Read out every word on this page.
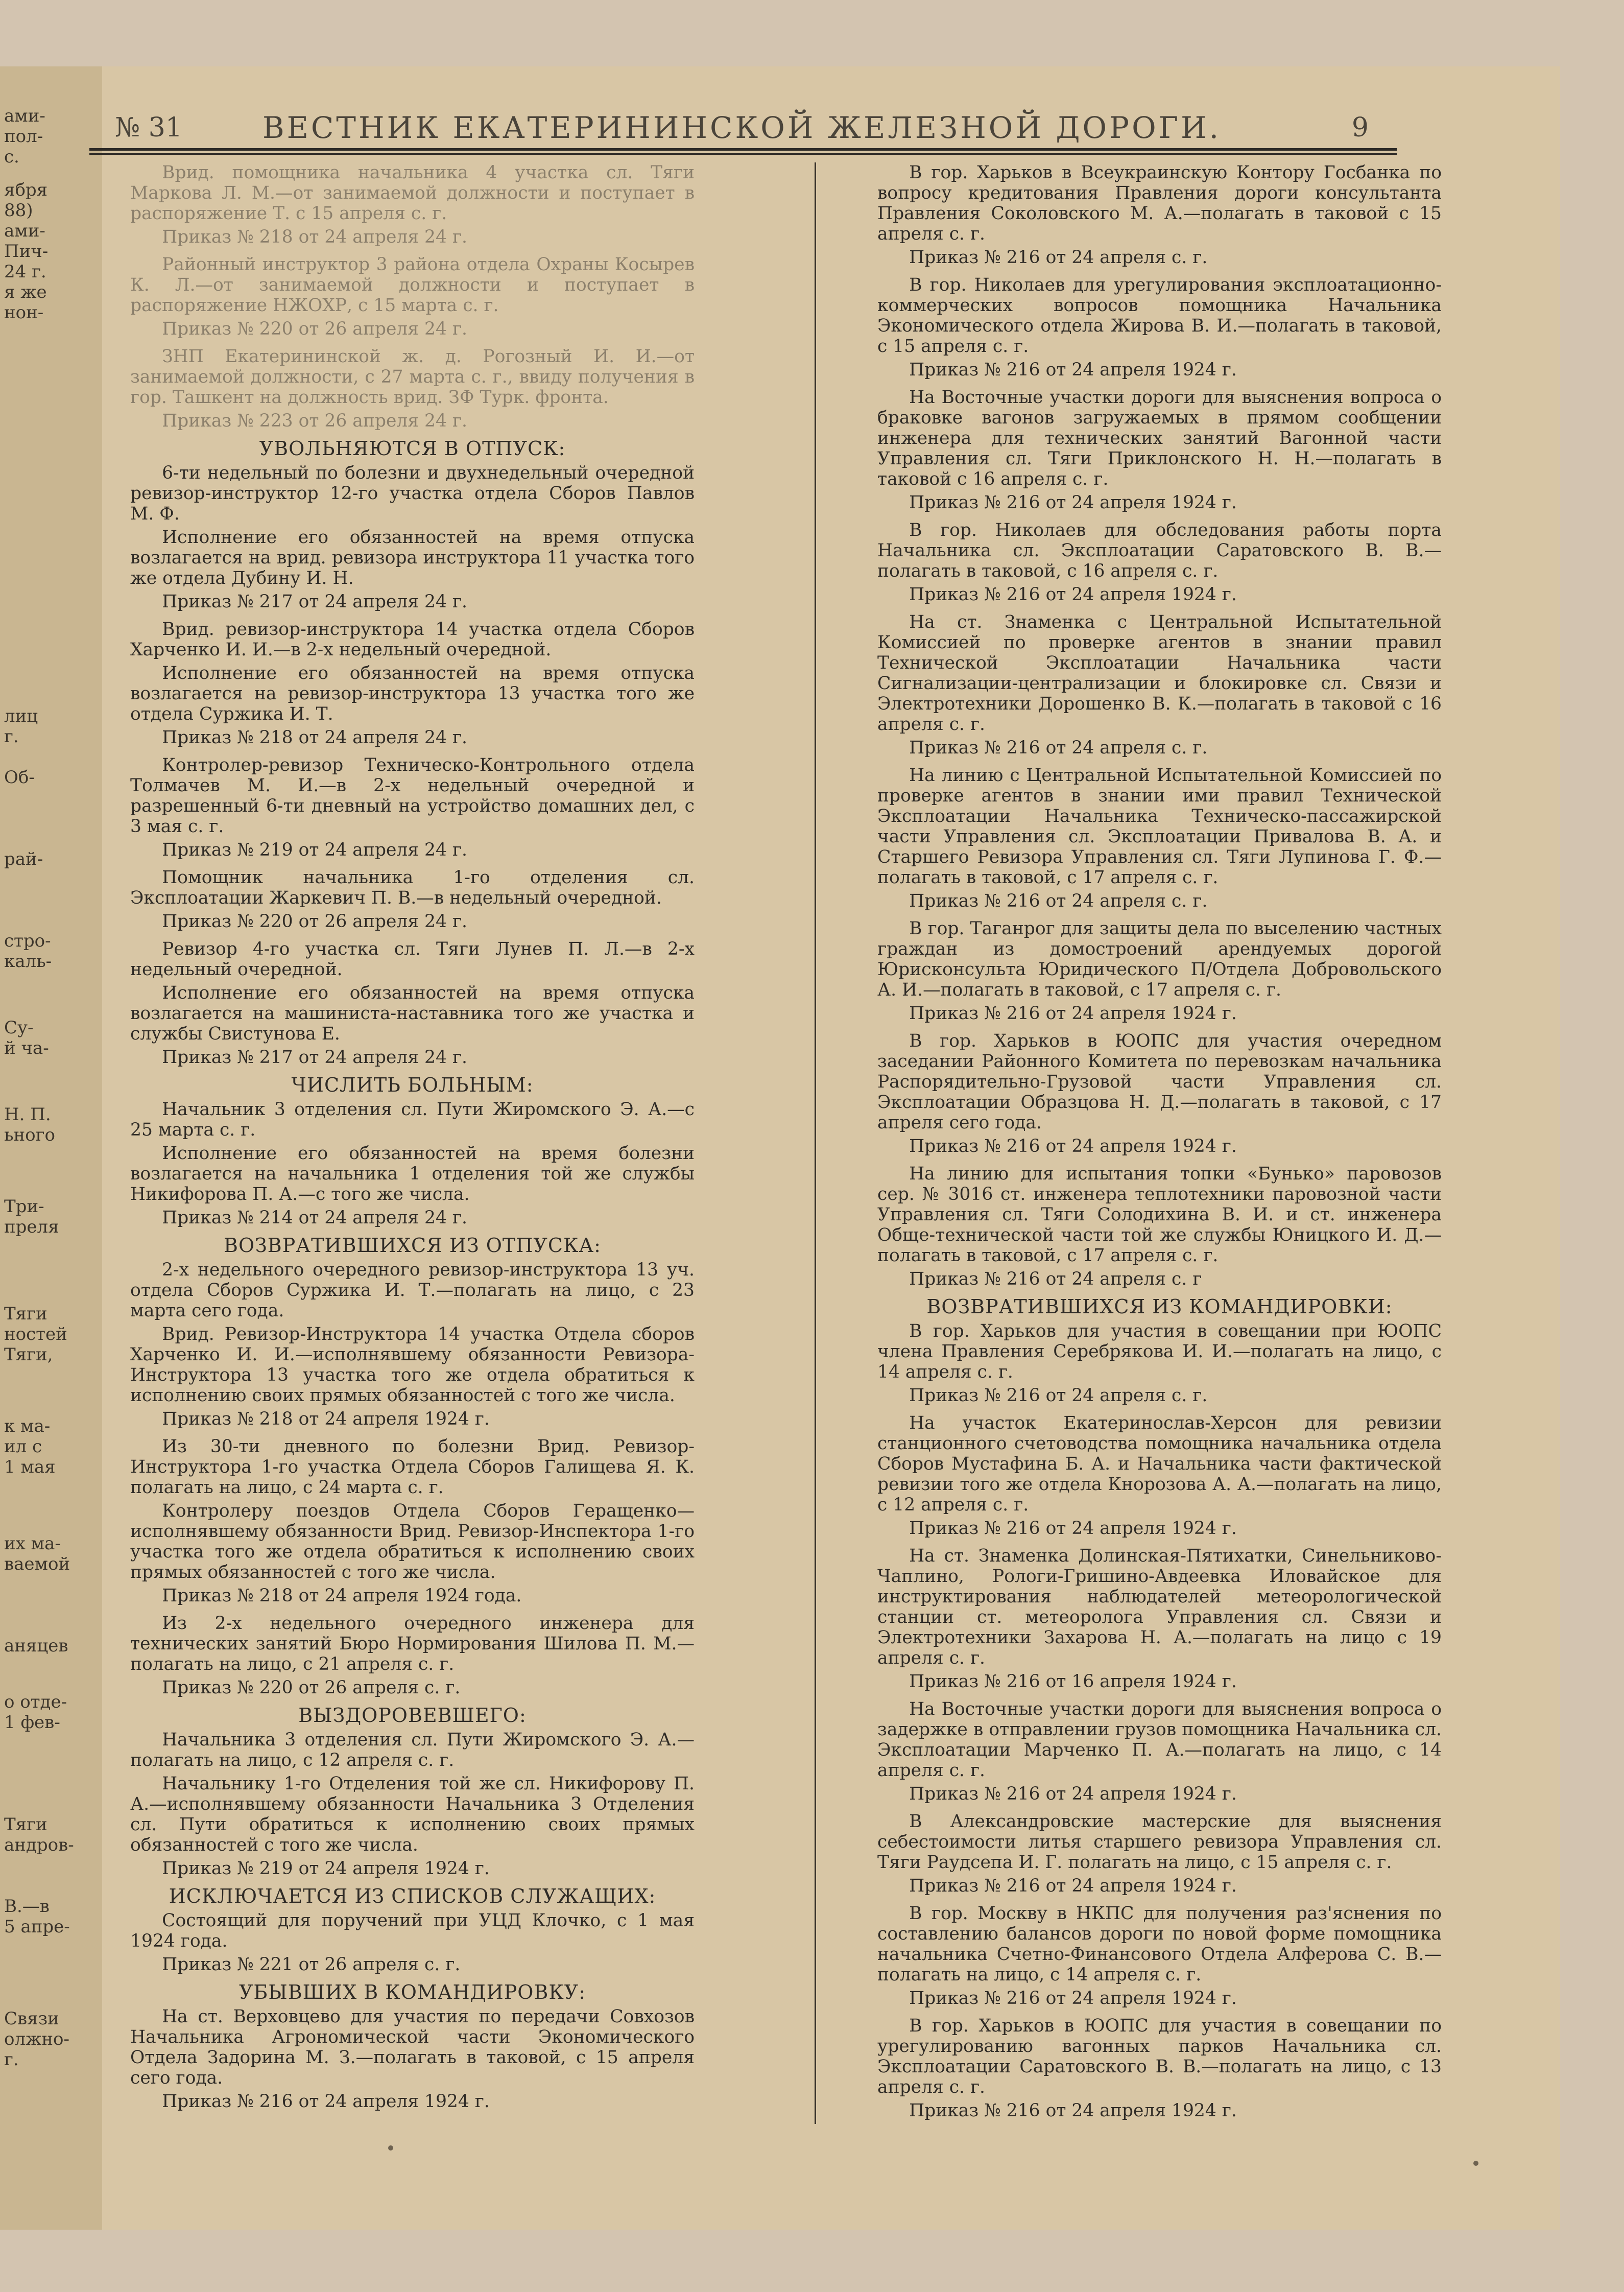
ами-
пол-
с.
ября
88)
ами-
Пич-
24 г.
я же
нон-
лиц
г.
Об-
рай-
стро-
каль-
Су-
й ча-
Н. П.
ьного
Три-
преля
Тяги
ностей
Тяги,
к ма-
ил с
1 мая
их ма-
ваемой
аняцев
о отде-
1 фев-
Тяги
андров-
В.—в
5 апре-
Связи
олжно-
г.
№ 31	ВЕСТНИК ЕКАТЕРИНИНСКОЙ ЖЕЛЕЗНОЙ ДОРОГИ.	9
Врид. помощника начальника 4 участка сл. Тяги Маркова Л. М.—от занимаемой должности и поступает в распоряжение Т. с 15 апреля с. г.
Приказ № 218 от 24 апреля 24 г.
Районный инструктор 3 района отдела Охраны Косырев К. Л.—от занимаемой должности и поступает в распоряжение НЖОХР, с 15 марта с. г.
Приказ № 220 от 26 апреля 24 г.
ЗНП Екатерининской ж. д. Рогозный И. И.—от занимаемой должности, с 27 марта с. г., ввиду получения в гор. Ташкент на должность врид. ЗФ Турк. фронта.
Приказ № 223 от 26 апреля 24 г.
УВОЛЬНЯЮТСЯ В ОТПУСК:
6-ти недельный по болезни и двухнедельный очередной ревизор-инструктор 12-го участка отдела Сборов Павлов М. Ф.
Исполнение его обязанностей на время отпуска возлагается на врид. ревизора инструктора 11 участка того же отдела Дубину И. Н.
Приказ № 217 от 24 апреля 24 г.
Врид. ревизор-инструктора 14 участка отдела Сборов Харченко И. И.—в 2-х недельный очередной.
Исполнение его обязанностей на время отпуска возлагается на ревизор-инструктора 13 участка того же отдела Суржика И. Т.
Приказ № 218 от 24 апреля 24 г.
Контролер-ревизор Техническо-Контрольного отдела Толмачев М. И.—в 2-х недельный очередной и разрешенный 6-ти дневный на устройство домашних дел, с 3 мая с. г.
Приказ № 219 от 24 апреля 24 г.
Помощник начальника 1-го отделения сл. Эксплоатации Жаркевич П. В.—в недельный очередной.
Приказ № 220 от 26 апреля 24 г.
Ревизор 4-го участка сл. Тяги Лунев П. Л.—в 2-х недельный очередной.
Исполнение его обязанностей на время отпуска возлагается на машиниста-наставника того же участка и службы Свистунова Е.
Приказ № 217 от 24 апреля 24 г.
ЧИСЛИТЬ БОЛЬНЫМ:
Начальник 3 отделения сл. Пути Жиромского Э. А.—с 25 марта с. г.
Исполнение его обязанностей на время болезни возлагается на начальника 1 отделения той же службы Никифорова П. А.—с того же числа.
Приказ № 214 от 24 апреля 24 г.
ВОЗВРАТИВШИХСЯ ИЗ ОТПУСКА:
2-х недельного очередного ревизор-инструктора 13 уч. отдела Сборов Суржика И. Т.—полагать на лицо, с 23 марта сего года.
Врид. Ревизор-Инструктора 14 участка Отдела сборов Харченко И. И.—исполнявшему обязанности Ревизора-Инструктора 13 участка того же отдела обратиться к исполнению своих прямых обязанностей с того же числа.
Приказ № 218 от 24 апреля 1924 г.
Из 30-ти дневного по болезни Врид. Ревизор-Инструктора 1-го участка Отдела Сборов Галищева Я. К. полагать на лицо, с 24 марта с. г.
Контролеру поездов Отдела Сборов Геращенко—исполнявшему обязанности Врид. Ревизор-Инспектора 1-го участка того же отдела обратиться к исполнению своих прямых обязанностей с того же числа.
Приказ № 218 от 24 апреля 1924 года.
Из 2-х недельного очередного инженера для технических занятий Бюро Нормирования Шилова П. М.—полагать на лицо, с 21 апреля с. г.
Приказ № 220 от 26 апреля с. г.
ВЫЗДОРОВЕВШЕГО:
Начальника 3 отделения сл. Пути Жиромского Э. А.—полагать на лицо, с 12 апреля с. г.
Начальнику 1-го Отделения той же сл. Никифорову П. А.—исполнявшему обязанности Начальника 3 Отделения сл. Пути обратиться к исполнению своих прямых обязанностей с того же числа.
Приказ № 219 от 24 апреля 1924 г.
ИСКЛЮЧАЕТСЯ ИЗ СПИСКОВ СЛУЖАЩИХ:
Состоящий для поручений при УЦД Клочко, с 1 мая 1924 года.
Приказ № 221 от 26 апреля с. г.
УБЫВШИХ В КОМАНДИРОВКУ:
На ст. Верховцево для участия по передачи Совхозов Начальника Агрономической части Экономического Отдела Задорина М. З.—полагать в таковой, с 15 апреля сего года.
Приказ № 216 от 24 апреля 1924 г.
В гор. Харьков в Всеукраинскую Контору Госбанка по вопросу кредитования Правления дороги консультанта Правления Соколовского М. А.—полагать в таковой с 15 апреля с. г.
Приказ № 216 от 24 апреля с. г.
В гор. Николаев для урегулирования эксплоатационно-коммерческих вопросов помощника Начальника Экономического отдела Жирова В. И.—полагать в таковой, с 15 апреля с. г.
Приказ № 216 от 24 апреля 1924 г.
На Восточные участки дороги для выяснения вопроса о браковке вагонов загружаемых в прямом сообщении инженера для технических занятий Вагонной части Управления сл. Тяги Приклонского Н. Н.—полагать в таковой с 16 апреля с. г.
Приказ № 216 от 24 апреля 1924 г.
В гор. Николаев для обследования работы порта Начальника сл. Эксплоатации Саратовского В. В.—полагать в таковой, с 16 апреля с. г.
Приказ № 216 от 24 апреля 1924 г.
На ст. Знаменка с Центральной Испытательной Комиссией по проверке агентов в знании правил Технической Эксплоатации Начальника части Сигнализации-централизации и блокировке сл. Связи и Электротехники Дорошенко В. К.—полагать в таковой с 16 апреля с. г.
Приказ № 216 от 24 апреля с. г.
На линию с Центральной Испытательной Комиссией по проверке агентов в знании ими правил Технической Эксплоатации Начальника Техническо-пассажирской части Управления сл. Эксплоатации Привалова В. А. и Старшего Ревизора Управления сл. Тяги Лупинова Г. Ф.—полагать в таковой, с 17 апреля с. г.
Приказ № 216 от 24 апреля с. г.
В гор. Таганрог для защиты дела по выселению частных граждан из домостроений арендуемых дорогой Юрисконсульта Юридического П/Отдела Добровольского А. И.—полагать в таковой, с 17 апреля с. г.
Приказ № 216 от 24 апреля 1924 г.
В гор. Харьков в ЮОПС для участия очередном заседании Районного Комитета по перевозкам начальника Распорядительно-Грузовой части Управления сл. Эксплоатации Образцова Н. Д.—полагать в таковой, с 17 апреля сего года.
Приказ № 216 от 24 апреля 1924 г.
На линию для испытания топки «Бунько» паровозов сер. № 3016 ст. инженера теплотехники паровозной части Управления сл. Тяги Солодихина В. И. и ст. инженера Обще-технической части той же службы Юницкого И. Д.—полагать в таковой, с 17 апреля с. г.
Приказ № 216 от 24 апреля с. г
ВОЗВРАТИВШИХСЯ ИЗ КОМАНДИРОВКИ:
В гор. Харьков для участия в совещании при ЮОПС члена Правления Серебрякова И. И.—полагать на лицо, с 14 апреля с. г.
Приказ № 216 от 24 апреля с. г.
На участок Екатеринослав-Херсон для ревизии станционного счетоводства помощника начальника отдела Сборов Мустафина Б. А. и Начальника части фактической ревизии того же отдела Кнорозова А. А.—полагать на лицо, с 12 апреля с. г.
Приказ № 216 от 24 апреля 1924 г.
На ст. Знаменка Долинская-Пятихатки, Синельниково-Чаплино, Pологи-Гришино-Авдеевка Иловайское для инструктирования наблюдателей метеорологической станции ст. метеоролога Управления сл. Связи и Электротехники Захарова Н. А.—полагать на лицо с 19 апреля с. г.
Приказ № 216 от 16 апреля 1924 г.
На Восточные участки дороги для выяснения вопроса о задержке в отправлении грузов помощника Начальника сл. Эксплоатации Марченко П. А.—полагать на лицо, с 14 апреля с. г.
Приказ № 216 от 24 апреля 1924 г.
В Александровские мастерские для выяснения себестоимости литья старшего ревизора Управления сл. Тяги Раудсепа И. Г. полагать на лицо, с 15 апреля с. г.
Приказ № 216 от 24 апреля 1924 г.
В гор. Москву в НКПС для получения раз'яснения по составлению балансов дороги по новой форме помощника начальника Счетно-Финансового Отдела Алферова С. В.—полагать на лицо, с 14 апреля с. г.
Приказ № 216 от 24 апреля 1924 г.
В гор. Харьков в ЮОПС для участия в совещании по урегулированию вагонных парков Начальника сл. Эксплоатации Саратовского В. В.—полагать на лицо, с 13 апреля с. г.
Приказ № 216 от 24 апреля 1924 г.
